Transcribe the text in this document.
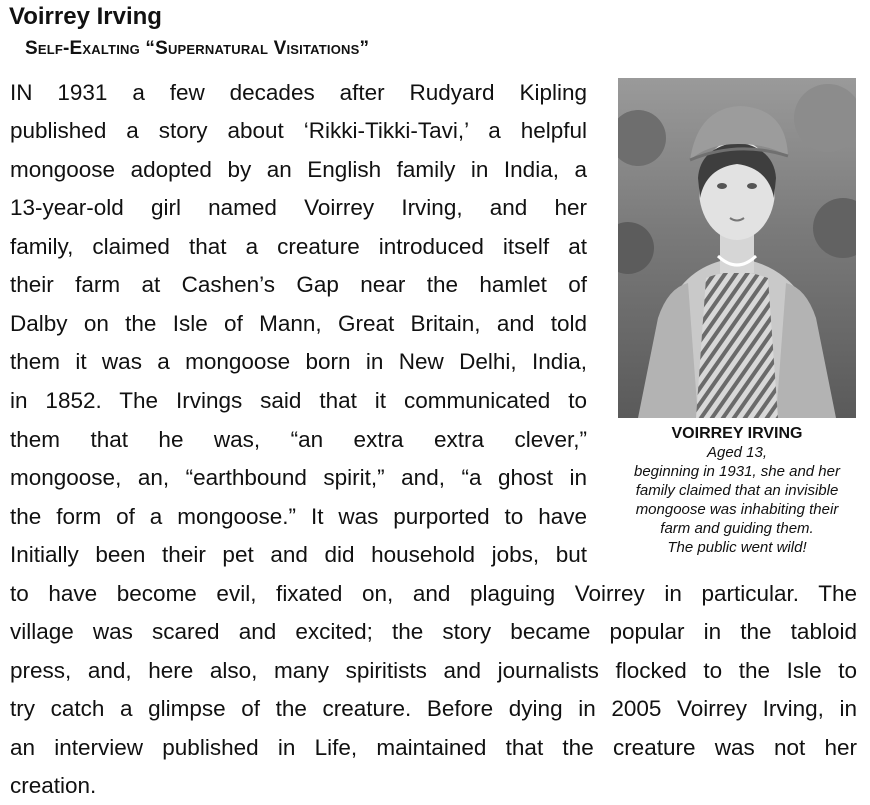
Voirrey Irving
Self-Exalting “Supernatural Visitations”

IN 1931 a few decades after Rudyard Kipling

published a story about ‘Rikki-Tikki-Tavi,’ a helpful

mongoose adopted by an English family in India, a

13-year-old girl named Voirrey Irving, and her

family, claimed that a creature introduced itself at

their farm at Cashen’s Gap near the hamlet of

Dalby on the Isle of Mann, Great Britain, and told

them it was a mongoose born in New Delhi, India,

in 1852. The Irvings said that it communicated to

them that he was, “an extra extra clever,”

mongoose, an, “earthbound spirit,” and, “a ghost in

the form of a mongoose.” It was purported to have

Initially been their pet and did household jobs, but

to have become evil, fixated on, and plaguing Voirrey in particular. The

village was scared and excited; the story became popular in the tabloid

press, and, here also, many spiritists and journalists flocked to the Isle to

try catch a glimpse of the creature. Before dying in 2005 Voirrey Irving, in

an interview published in Life, maintained that the creature was not her

creation.

VOIRREY IRVING
Aged 13,
beginning in 1931, she and her
family claimed that an invisible
mongoose was inhabiting their
farm and guiding them.
The public went wild!
